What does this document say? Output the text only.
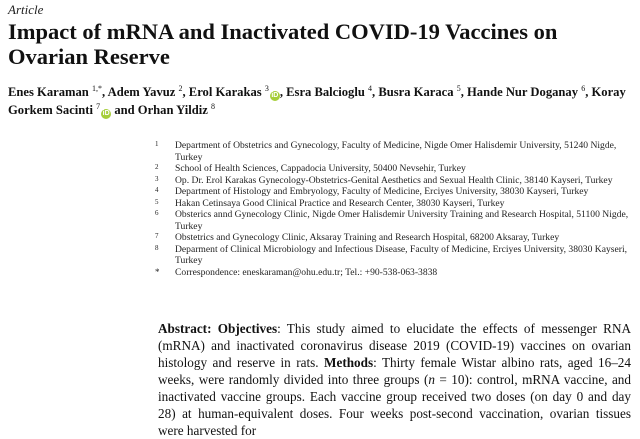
Article
Impact of mRNA and Inactivated COVID-19 Vaccines on Ovarian Reserve
Enes Karaman $^{1,*}$, Adem Yavuz $^2$, Erol Karakas $^3$iD , Esra Balcioglu $^4$, Busra Karaca $^5$, Hande Nur Doganay $^6$, Koray Gorkem Sacinti $^7$iD and Orhan Yildiz $^8$
1 Department of Obstetrics and Gynecology, Faculty of Medicine, Nigde Omer Halisdemir University, 51240 Nigde, Turkey
2 School of Health Sciences, Cappadocia University, 50400 Nevsehir, Turkey
3 Op. Dr. Erol Karakas Gynecology-Obstetrics-Genital Aesthetics and Sexual Health Clinic, 38140 Kayseri, Turkey
4 Department of Histology and Embryology, Faculty of Medicine, Erciyes University, 38030 Kayseri, Turkey
5 Hakan Cetinsaya Good Clinical Practice and Research Center, 38030 Kayseri, Turkey
6 Obsterics annd Gynecology Clinic, Nigde Omer Halisdemir University Training and Research Hospital, 51100 Nigde, Turkey
7 Obstetrics and Gynecology Clinic, Aksaray Training and Research Hospital, 68200 Aksaray, Turkey
8 Deparment of Clinical Microbiology and Infectious Disease, Faculty of Medicine, Erciyes University, 38030 Kayseri, Turkey
* Correspondence: eneskaraman@ohu.edu.tr; Tel.: +90-538-063-3838
Abstract: Objectives: This study aimed to elucidate the effects of messenger RNA (mRNA) and inactivated coronavirus disease 2019 (COVID-19) vaccines on ovarian histology and reserve in rats. Methods: Thirty female Wistar albino rats, aged 16–24 weeks, were randomly divided into three groups (n = 10): control, mRNA vaccine, and inactivated vaccine groups. Each vaccine group received two doses (on day 0 and day 28) at human-equivalent doses. Four weeks post-second vaccination, ovarian tissues were harvested for
